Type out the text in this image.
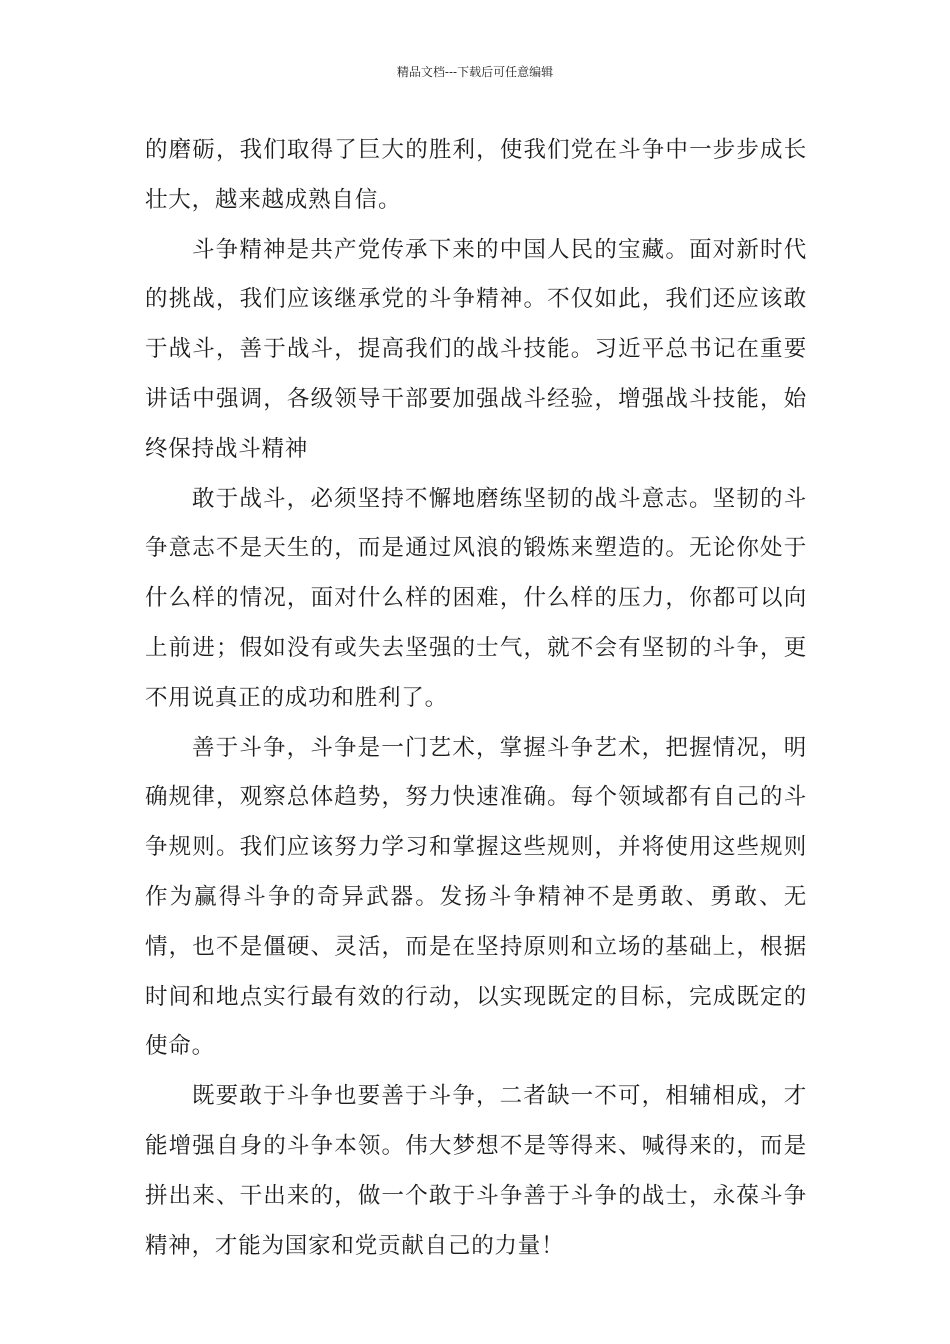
精品文档---下载后可任意编辑

的磨砺，我们取得了巨大的胜利，使我们党在斗争中一步步成长壮大，越来越成熟自信。

斗争精神是共产党传承下来的中国人民的宝藏。面对新时代的挑战，我们应该继承党的斗争精神。不仅如此，我们还应该敢于战斗，善于战斗，提高我们的战斗技能。习近平总书记在重要讲话中强调，各级领导干部要加强战斗经验，增强战斗技能，始终保持战斗精神

敢于战斗，必须坚持不懈地磨练坚韧的战斗意志。坚韧的斗争意志不是天生的，而是通过风浪的锻炼来塑造的。无论你处于什么样的情况，面对什么样的困难，什么样的压力，你都可以向上前进；假如没有或失去坚强的士气，就不会有坚韧的斗争，更不用说真正的成功和胜利了。

善于斗争，斗争是一门艺术，掌握斗争艺术，把握情况，明确规律，观察总体趋势，努力快速准确。每个领域都有自己的斗争规则。我们应该努力学习和掌握这些规则，并将使用这些规则作为赢得斗争的奇异武器。发扬斗争精神不是勇敢、勇敢、无情，也不是僵硬、灵活，而是在坚持原则和立场的基础上，根据时间和地点实行最有效的行动，以实现既定的目标，完成既定的使命。

既要敢于斗争也要善于斗争，二者缺一不可，相辅相成，才能增强自身的斗争本领。伟大梦想不是等得来、喊得来的，而是拼出来、干出来的，做一个敢于斗争善于斗争的战士，永葆斗争精神，才能为国家和党贡献自己的力量！
